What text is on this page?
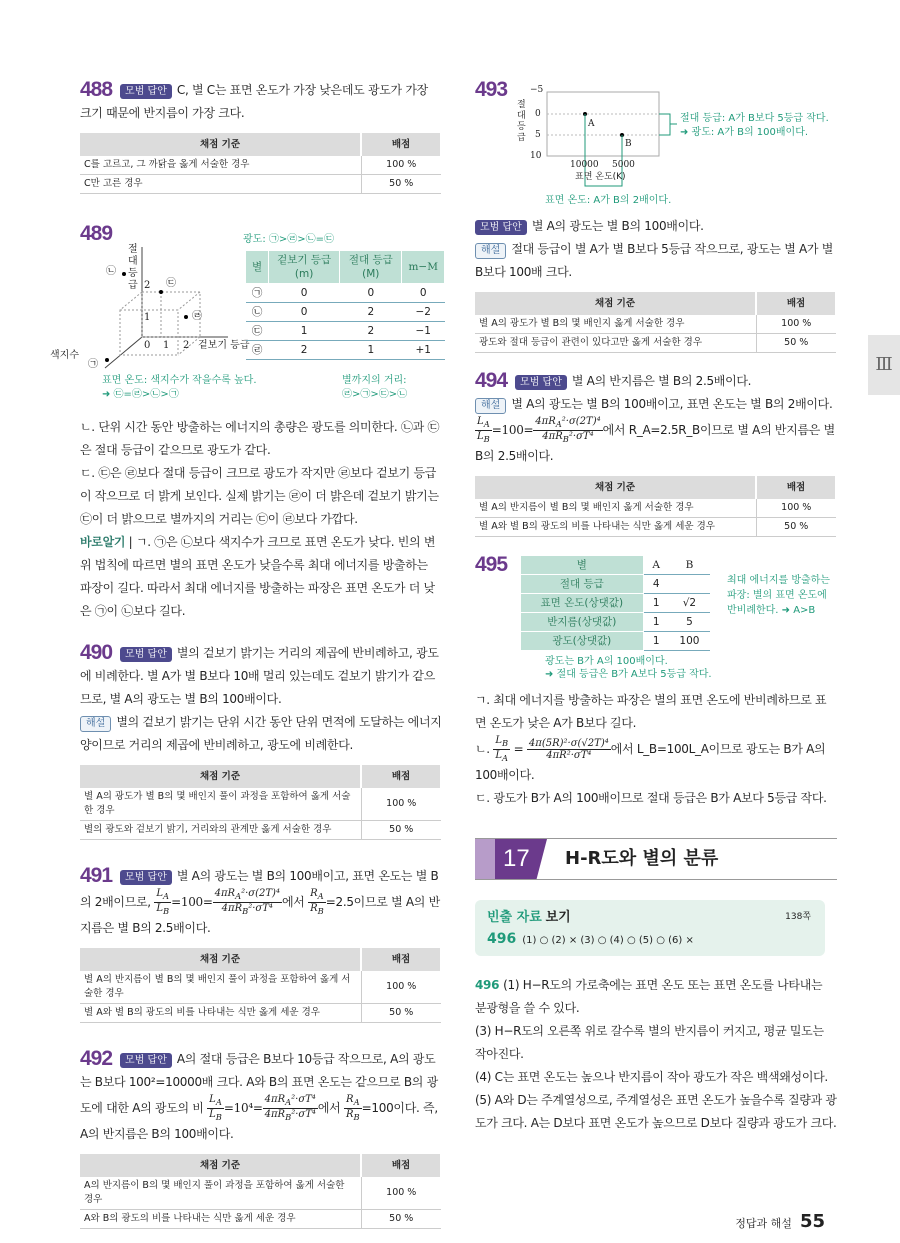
488 모범 답안 C, 별 C는 표면 온도가 가장 낮은데도 광도가 가장 크기 때문에 반지름이 가장 크다.
채점 기준	배점
C를 고르고, 그 까닭을 옳게 서술한 경우	100 %
C만 고른 경우	50 %
489
절대 등급 2
1
0 1 2 겉보기 등급
색지수
㉠
㉡
㉢
㉣
표면 온도: 색지수가 작을수록 높다.
➜ ㉢=㉣>㉡>㉠
광도: ㉠>㉣>㉡=㉢
별	겉보기 등급(m)	절대 등급(M)	m−M
㉠	0	0	0
㉡	0	2	−2
㉢	1	2	−1
㉣	2	1	+1
별까지의 거리:
㉣>㉠>㉢>㉡

ㄴ. 단위 시간 동안 방출하는 에너지의 총량은 광도를 의미한다. ㉡과 ㉢은 절대 등급이 같으므로 광도가 같다.

ㄷ. ㉢은 ㉣보다 절대 등급이 크므로 광도가 작지만 ㉣보다 겉보기 등급이 작으므로 더 밝게 보인다. 실제 밝기는 ㉣이 더 밝은데 겉보기 밝기는 ㉢이 더 밝으므로 별까지의 거리는 ㉢이 ㉣보다 가깝다.

바로알기 | ㄱ. ㉠은 ㉡보다 색지수가 크므로 표면 온도가 낮다. 빈의 변위 법칙에 따르면 별의 표면 온도가 낮을수록 최대 에너지를 방출하는 파장이 길다. 따라서 최대 에너지를 방출하는 파장은 표면 온도가 더 낮은 ㉠이 ㉡보다 길다.

490 모범 답안 별의 겉보기 밝기는 거리의 제곱에 반비례하고, 광도에 비례한다. 별 A가 별 B보다 10배 멀리 있는데도 겉보기 밝기가 같으므로, 별 A의 광도는 별 B의 100배이다.
해설 별의 겉보기 밝기는 단위 시간 동안 단위 면적에 도달하는 에너지양이므로 거리의 제곱에 반비례하고, 광도에 비례한다.
채점 기준	배점
별 A의 광도가 별 B의 몇 배인지 풀이 과정을 포함하여 옳게 서술한 경우	100 %
별의 광도와 겉보기 밝기, 거리와의 관계만 옳게 서술한 경우	50 %
491 모범 답안 별 A의 광도는 별 B의 100배이고, 표면 온도는 별 B의 2배이므로, $\frac{L_A}{L_B} =100= \frac{4\pi R_A^2\cdot\sigma(2T)^4}{4\pi R_B^2\cdot\sigma T^4}$ 에서 $\frac{R_A}{R_B} =2.5$이므로 별 A의 반지름은 별 B의 2.5배이다.
채점 기준	배점
별 A의 반지름이 별 B의 몇 배인지 풀이 과정을 포함하여 옳게 서술한 경우	100 %
별 A와 별 B의 광도의 비를 나타내는 식만 옳게 세운 경우	50 %
492 모범 답안 A의 절대 등급은 B보다 10등급 작으므로, A의 광도는 B보다 100²=10000배 크다. A와 B의 표면 온도는 같으므로 B의 광도에 대한 A의 광도의 비 $\frac{L_A}{L_B} =10^4= \frac{4\pi R_A^2\cdot\sigma T^4}{4\pi R_B^2\cdot\sigma T^4}$ 에서 $\frac{R_A}{R_B} =100$이다. 즉, A의 반지름은 B의 100배이다.
채점 기준	배점
A의 반지름이 B의 몇 배인지 풀이 과정을 포함하여 옳게 서술한 경우	100 %
A와 B의 광도의 비를 나타내는 식만 옳게 세운 경우	50 %
493
절대 등급
−5
0
5
10
10000 5000
표면 온도(K)
A
B
절대 등급: A가 B보다 5등급 작다.
➜ 광도: A가 B의 100배이다.
표면 온도: A가 B의 2배이다.
모범 답안 별 A의 광도는 별 B의 100배이다.
해설 절대 등급이 별 A가 별 B보다 5등급 작으므로, 광도는 별 A가 별 B보다 100배 크다.
채점 기준	배점
별 A의 광도가 별 B의 몇 배인지 옳게 서술한 경우	100 %
광도와 절대 등급이 관련이 있다고만 옳게 서술한 경우	50 %
494 모범 답안 별 A의 반지름은 별 B의 2.5배이다.
해설 별 A의 광도는 별 B의 100배이고, 표면 온도는 별 B의 2배이다.
$\frac{L_A}{L_B} =100= \frac{4\pi R_A^2\cdot\sigma(2T)^4}{4\pi R_B^2\cdot\sigma T^4}$ 에서 R_A=2.5R_B이므로 별 A의 반지름은 별 B의 2.5배이다.
채점 기준	배점
별 A의 반지름이 별 B의 몇 배인지 옳게 서술한 경우	100 %
별 A와 별 B의 광도의 비를 나타내는 식만 옳게 세운 경우	50 %
495	별	A	B
절대 등급	4	
표면 온도(상댓값)	1	√2
반지름(상댓값)	1	5
광도(상댓값)	1	100
최대 에너지를 방출하는 파장: 별의 표면 온도에 반비례한다. ➜ A>B
광도는 B가 A의 100배이다.
➜ 절대 등급은 B가 A보다 5등급 작다.

ㄱ. 최대 에너지를 방출하는 파장은 별의 표면 온도에 반비례하므로 표면 온도가 낮은 A가 B보다 길다.

ㄴ. $\frac{L_B}{L_A} = \frac{\text{4π(5R)²·σ(√2T)⁴}}{\text{4πR²·σT⁴}}$ 에서 L_B=100L_A이므로 광도는 B가 A의 100배이다.

ㄷ. 광도가 B가 A의 100배이므로 절대 등급은 B가 A보다 5등급 작다.

17 H-R도와 별의 분류
빈출 자료 보기	138쪽
496 (1) ○ (2) × (3) ○ (4) ○ (5) ○ (6) ×

496 (1) H−R도의 가로축에는 표면 온도 또는 표면 온도를 나타내는 분광형을 쓸 수 있다.

(3) H−R도의 오른쪽 위로 갈수록 별의 반지름이 커지고, 평균 밀도는 작아진다.

(4) C는 표면 온도는 높으나 반지름이 작아 광도가 작은 백색왜성이다.

(5) A와 D는 주계열성으로, 주계열성은 표면 온도가 높을수록 질량과 광도가 크다. A는 D보다 표면 온도가 높으므로 D보다 질량과 광도가 크다.

Ⅲ
정답과 해설 55
